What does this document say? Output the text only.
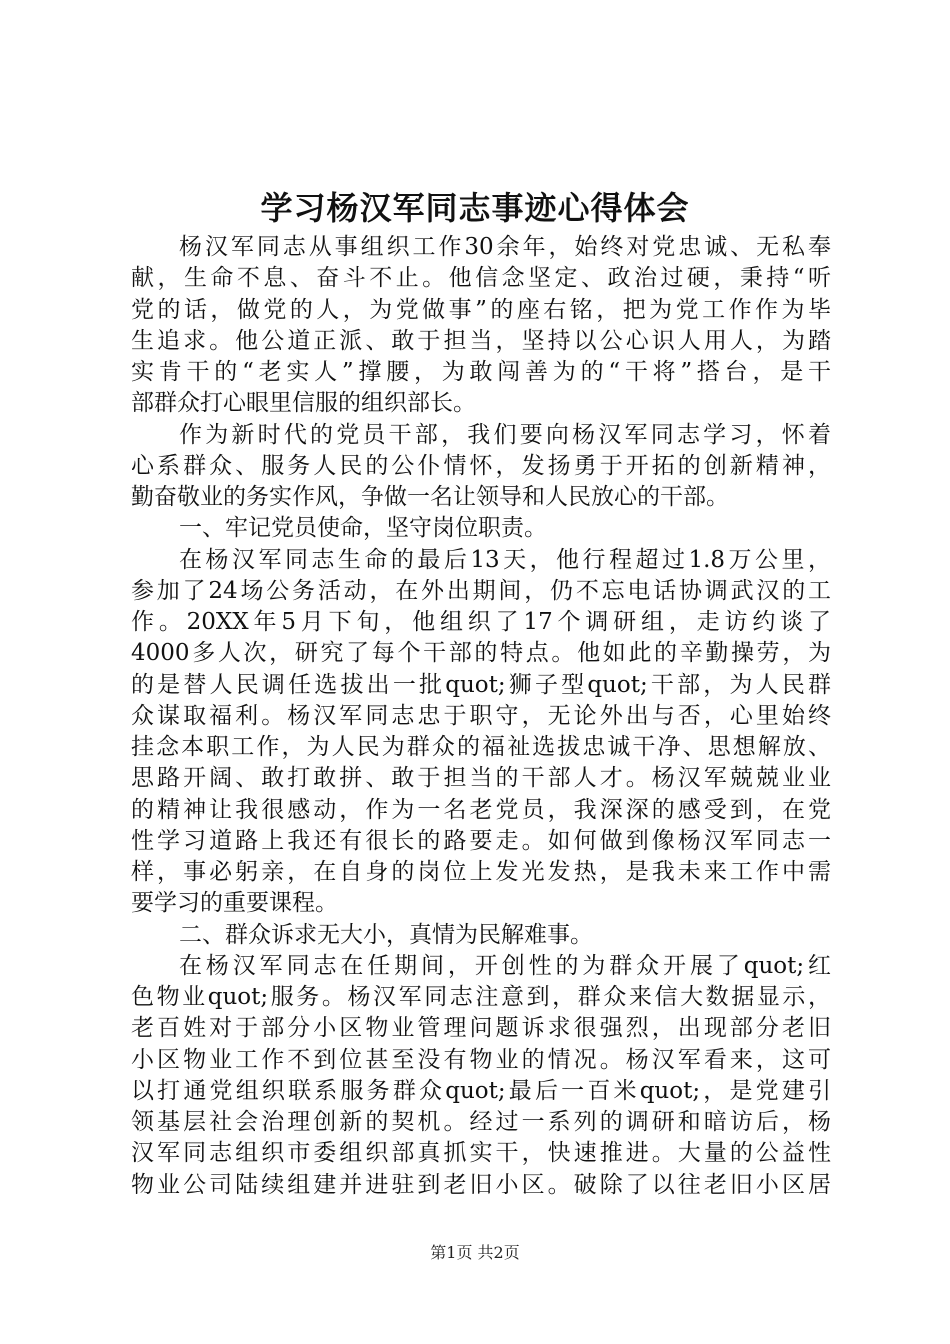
学习杨汉军同志事迹心得体会
杨汉军同志从事组织工作30余年，始终对党忠诚、无私奉
献，生命不息、奋斗不止。他信念坚定、政治过硬，秉持“听
党的话，做党的人，为党做事”的座右铭，把为党工作作为毕
生追求。他公道正派、敢于担当，坚持以公心识人用人，为踏
实肯干的“老实人”撑腰，为敢闯善为的“干将”搭台，是干
部群众打心眼里信服的组织部长。
作为新时代的党员干部，我们要向杨汉军同志学习，怀着
心系群众、服务人民的公仆情怀，发扬勇于开拓的创新精神，
勤奋敬业的务实作风，争做一名让领导和人民放心的干部。
一、牢记党员使命，坚守岗位职责。
在杨汉军同志生命的最后13天，他行程超过1.8万公里，
参加了24场公务活动，在外出期间，仍不忘电话协调武汉的工
作。20XX年5月下旬，他组织了17个调研组，走访约谈了
4000多人次，研究了每个干部的特点。他如此的辛勤操劳，为
的是替人民调任选拔出一批quot;狮子型quot;干部，为人民群
众谋取福利。杨汉军同志忠于职守，无论外出与否，心里始终
挂念本职工作，为人民为群众的福祉选拔忠诚干净、思想解放、
思路开阔、敢打敢拼、敢于担当的干部人才。杨汉军兢兢业业
的精神让我很感动，作为一名老党员，我深深的感受到，在党
性学习道路上我还有很长的路要走。如何做到像杨汉军同志一
样，事必躬亲，在自身的岗位上发光发热，是我未来工作中需
要学习的重要课程。
二、群众诉求无大小，真情为民解难事。
在杨汉军同志在任期间，开创性的为群众开展了quot;红
色物业quot;服务。杨汉军同志注意到，群众来信大数据显示，
老百姓对于部分小区物业管理问题诉求很强烈，出现部分老旧
小区物业工作不到位甚至没有物业的情况。杨汉军看来，这可
以打通党组织联系服务群众quot;最后一百米quot;，是党建引
领基层社会治理创新的契机。经过一系列的调研和暗访后，杨
汉军同志组织市委组织部真抓实干，快速推进。大量的公益性
物业公司陆续组建并进驻到老旧小区。破除了以往老旧小区居
第1页 共2页
